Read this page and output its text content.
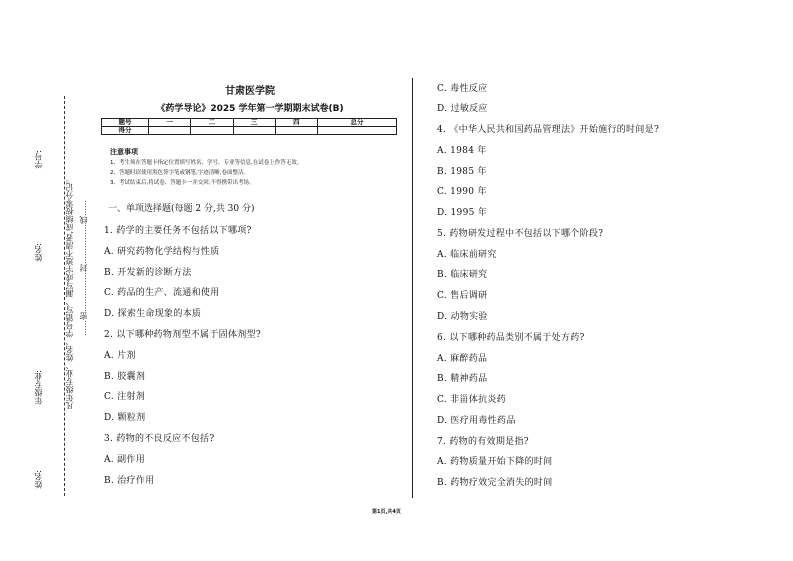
学号:
姓名:
年级专业:
姓名:
凡年级专业、姓名、学号错写、漏写或字迹不清者,成绩按零分记。 ……密……………封……………线……
甘肃医学院
《药学导论》2025 学年第一学期期末试卷(B)
题号	一	二	三	四	总分
得分					
注意事项
1、考生须在答题卡指定位置填写姓名、学号、专业等信息,在试卷上作答无效。
2、答题时请使用黑色签字笔或钢笔,字迹清晰,卷面整洁。
3、考试结束后,将试卷、答题卡一并交回,不得携带出考场。
一、单项选择题(每题 2 分,共 30 分)
1. 药学的主要任务不包括以下哪项?
A. 研究药物化学结构与性质
B. 开发新的诊断方法
C. 药品的生产、流通和使用
D. 探索生命现象的本质
2. 以下哪种药物剂型不属于固体剂型?
A. 片剂
B. 胶囊剂
C. 注射剂
D. 颗粒剂
3. 药物的不良反应不包括?
A. 副作用
B. 治疗作用
C. 毒性反应
D. 过敏反应
4. 《中华人民共和国药品管理法》开始施行的时间是?
A. 1984 年
B. 1985 年
C. 1990 年
D. 1995 年
5. 药物研发过程中不包括以下哪个阶段?
A. 临床前研究
B. 临床研究
C. 售后调研
D. 动物实验
6. 以下哪种药品类别不属于处方药?
A. 麻醉药品
B. 精神药品
C. 非甾体抗炎药
D. 医疗用毒性药品
7. 药物的有效期是指?
A. 药物质量开始下降的时间
B. 药物疗效完全消失的时间
第1页,共4页
